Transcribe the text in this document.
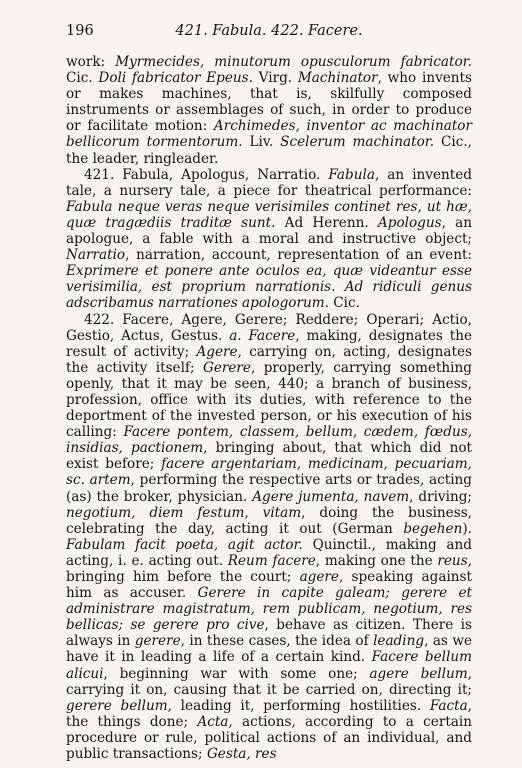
196	421. Fabula. 422. Facere.

work: Myrmecides, minutorum opusculorum fabricator. Cic. Doli fabricator Epeus. Virg. Machinator, who invents or makes machines, that is, skilfully composed instruments or assemblages of such, in order to produce or facilitate motion: Archimedes, inventor ac machinator bellicorum tormentorum. Liv. Scelerum machinator. Cic., the leader, ringleader.

421. Fabula, Apologus, Narratio. Fabula, an invented tale, a nursery tale, a piece for theatrical performance: Fabula neque veras neque verisimiles continet res, ut hæ, quæ tragædiis traditæ sunt. Ad Herenn. Apologus, an apologue, a fable with a moral and instructive object; Narratio, narration, account, representation of an event: Exprimere et ponere ante oculos ea, quæ videantur esse verisimilia, est proprium narrationis. Ad ridiculi genus adscribamus narrationes apologorum. Cic.

422. Facere, Agere, Gerere; Reddere; Operari; Actio, Gestio, Actus, Gestus. a. Facere, making, designates the result of activity; Agere, carrying on, acting, designates the activity itself; Gerere, properly, carrying something openly, that it may be seen, 440; a branch of business, profession, office with its duties, with reference to the deportment of the invested person, or his execution of his calling: Facere pontem, classem, bellum, cædem, fœdus, insidias, pactionem, bringing about, that which did not exist before; facere argentariam, medicinam, pecuariam, sc. artem, performing the respective arts or trades, acting (as) the broker, physician. Agere jumenta, navem, driving; negotium, diem festum, vitam, doing the business, celebrating the day, acting it out (German begehen). Fabulam facit poeta, agit actor. Quinctil., making and acting, i. e. acting out. Reum facere, making one the reus, bringing him before the court; agere, speaking against him as accuser. Gerere in capite galeam; gerere et administrare magistratum, rem publicam, negotium, res bellicas; se gerere pro cive, behave as citizen. There is always in gerere, in these cases, the idea of leading, as we have it in leading a life of a certain kind. Facere bellum alicui, beginning war with some one; agere bellum, carrying it on, causing that it be carried on, directing it; gerere bellum, leading it, performing hostilities. Facta, the things done; Acta, actions, according to a certain procedure or rule, political actions of an individual, and public transactions; Gesta, res
